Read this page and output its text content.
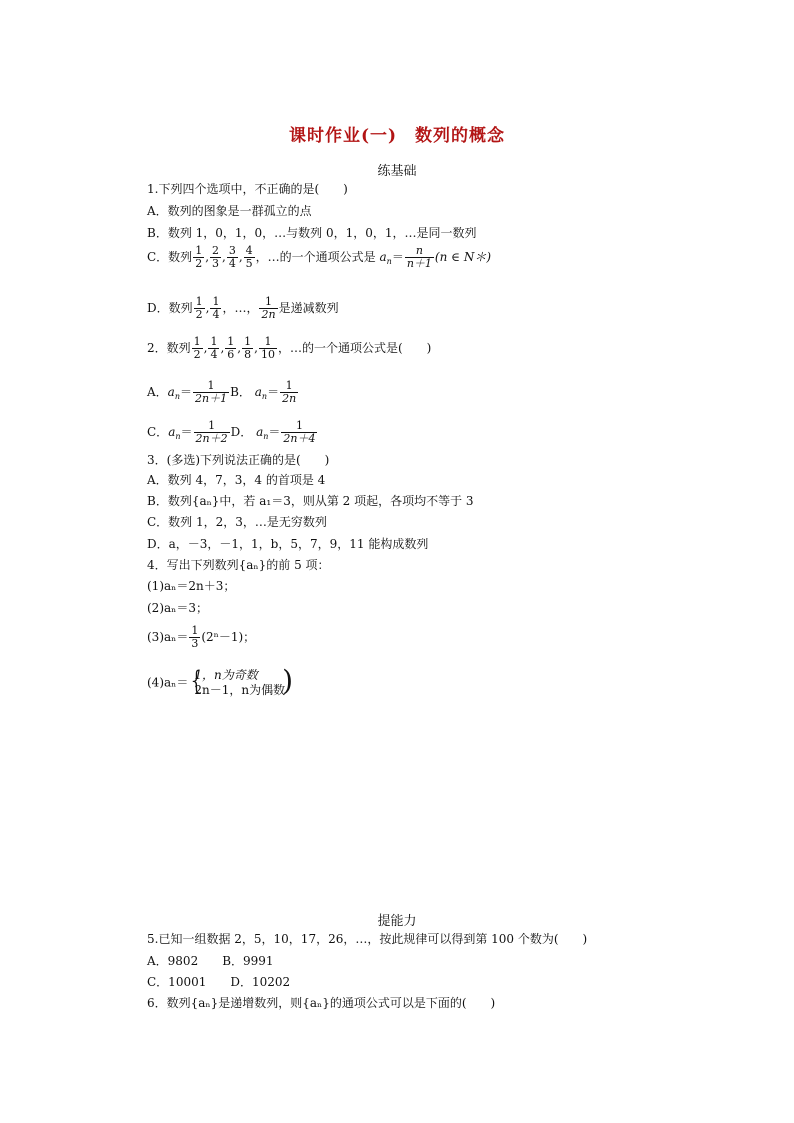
课时作业(一)　数列的概念
练基础
1.下列四个选项中，不正确的是(　　)
A．数列的图象是一群孤立的点
B．数列 1，0，1，0，…与数列 0，1，0，1，…是同一数列
C．数列 $\frac{1}{2}$ , $\frac{2}{3}$ , $\frac{3}{4}$ , $\frac{4}{5}$ ，…的一个通项公式是 $a_n= \frac{n}{n+1} (n$ ∈ N＊)
D．数列 $\frac{1}{2}$ , $\frac{1}{4}$ ，…， $\frac{1}{2n}$ 是递减数列
2．数列 $\frac{1}{2}$ , $\frac{1}{4}$ , $\frac{1}{6}$ , $\frac{1}{8}$ , $\frac{1}{10}$ ，…的一个通项公式是(　　)
A．$a_n= \frac{1}{2n+1}$ B． $a_n= \frac{1}{2n}$
C．$a_n= \frac{1}{2n+2}$ D． $a_n= \frac{1}{2n+4}$
3．(多选)下列说法正确的是(　　)
A．数列 4，7，3，4 的首项是 4
B．数列{aₙ}中，若 a₁＝3，则从第 2 项起，各项均不等于 3
C．数列 1，2，3，…是无穷数列
D．a，－3，－1，1，b，5，7，9，11 能构成数列
4．写出下列数列{aₙ}的前 5 项：
(1)aₙ＝2n＋3；
(2)aₙ＝3；
$(3)a_n= \frac{1}{3} (2^n-1)$；
(4)aₙ＝ {
1，n为奇数
2n－1，n为偶数
)
提能力
5.已知一组数据 2，5，10，17，26，…，按此规律可以得到第 100 个数为(　　)
A．9802　　B．9991
C．10001　　D．10202
6．数列{aₙ}是递增数列，则{aₙ}的通项公式可以是下面的(　　)
